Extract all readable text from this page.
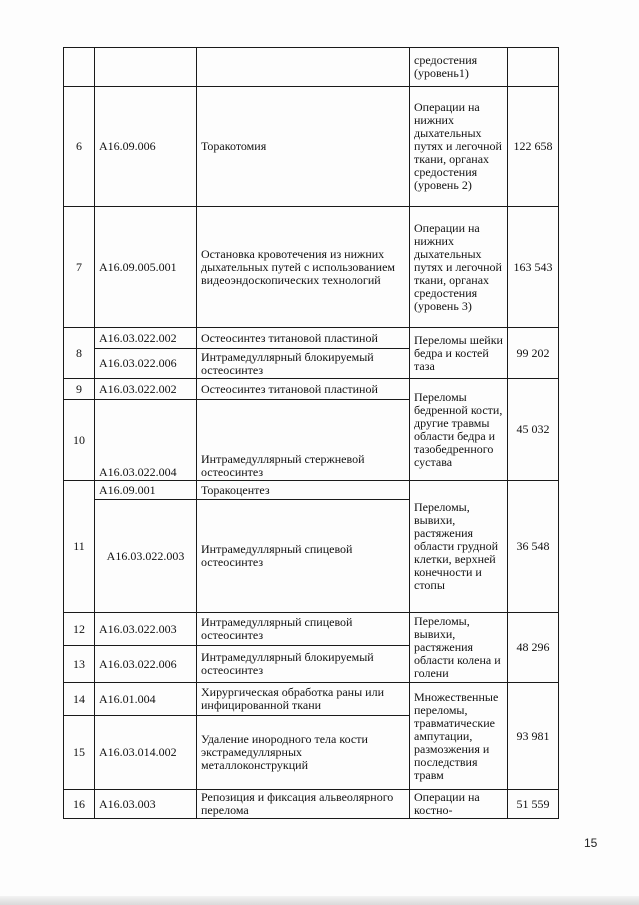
			средостения (уровень1)	
6	A16.09.006	Торакотомия	Операции на нижних дыхательных путях и легочной ткани, органах средостения (уровень 2)	122 658
7	A16.09.005.001	Остановка кровотечения из нижних дыхательных путей с использованием видеоэндоскопических технологий	Операции на нижних дыхательных путях и легочной ткани, органах средостения (уровень 3)	163 543
8	A16.03.022.002	Остеосинтез титановой пластиной	Переломы шейки бедра и костей таза	99 202
	A16.03.022.006	Интрамедуллярный блокируемый остеосинтез		
9	A16.03.022.002	Остеосинтез титановой пластиной	Переломы бедренной кости, другие травмы области бедра и тазобедренного сустава	45 032
10	A16.03.022.004	Интрамедуллярный стержневой остеосинтез		
11	A16.09.001	Торакоцентез	Переломы, вывихи, растяжения области грудной клетки, верхней конечности и стопы	36 548
	A16.03.022.003	Интрамедуллярный спицевой остеосинтез		
12	A16.03.022.003	Интрамедуллярный спицевой остеосинтез	Переломы, вывихи, растяжения области колена и голени	48 296
13	A16.03.022.006	Интрамедуллярный блокируемый остеосинтез		
14	A16.01.004	Хирургическая обработка раны или инфицированной ткани	Множественные переломы, травматические ампутации, размозжения и последствия травм	93 981
15	A16.03.014.002	Удаление инородного тела кости экстрамедуллярных металлоконструкций		
16	A16.03.003	Репозиция и фиксация альвеолярного перелома	Операции на костно-	51 559
15
